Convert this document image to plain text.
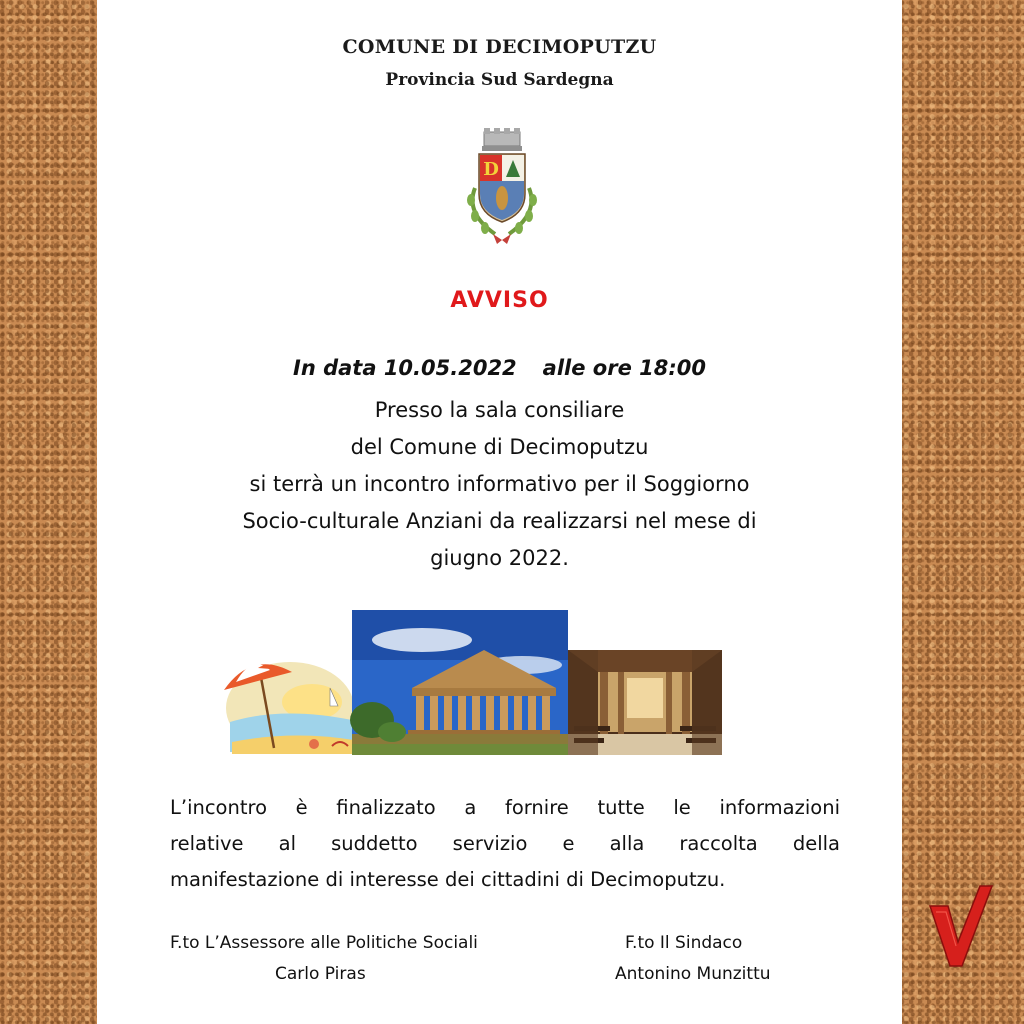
COMUNE DI DECIMOPUTZU

Provincia Sud Sardegna

D

AVVISO

In data 10.05.2022 alle ore 18:00

Presso la sala consiliare
del Comune di Decimoputzu
si terrà un incontro informativo per il Soggiorno
Socio-culturale Anziani da realizzarsi nel mese di
giugno 2022.
L’incontro è finalizzato a fornire tutte le informazioni
relative al suddetto servizio e alla raccolta della
manifestazione di interesse dei cittadini di Decimoputzu.
F.to L’Assessore alle Politiche Sociali
Carlo Piras
F.to Il Sindaco
Antonino Munzittu
